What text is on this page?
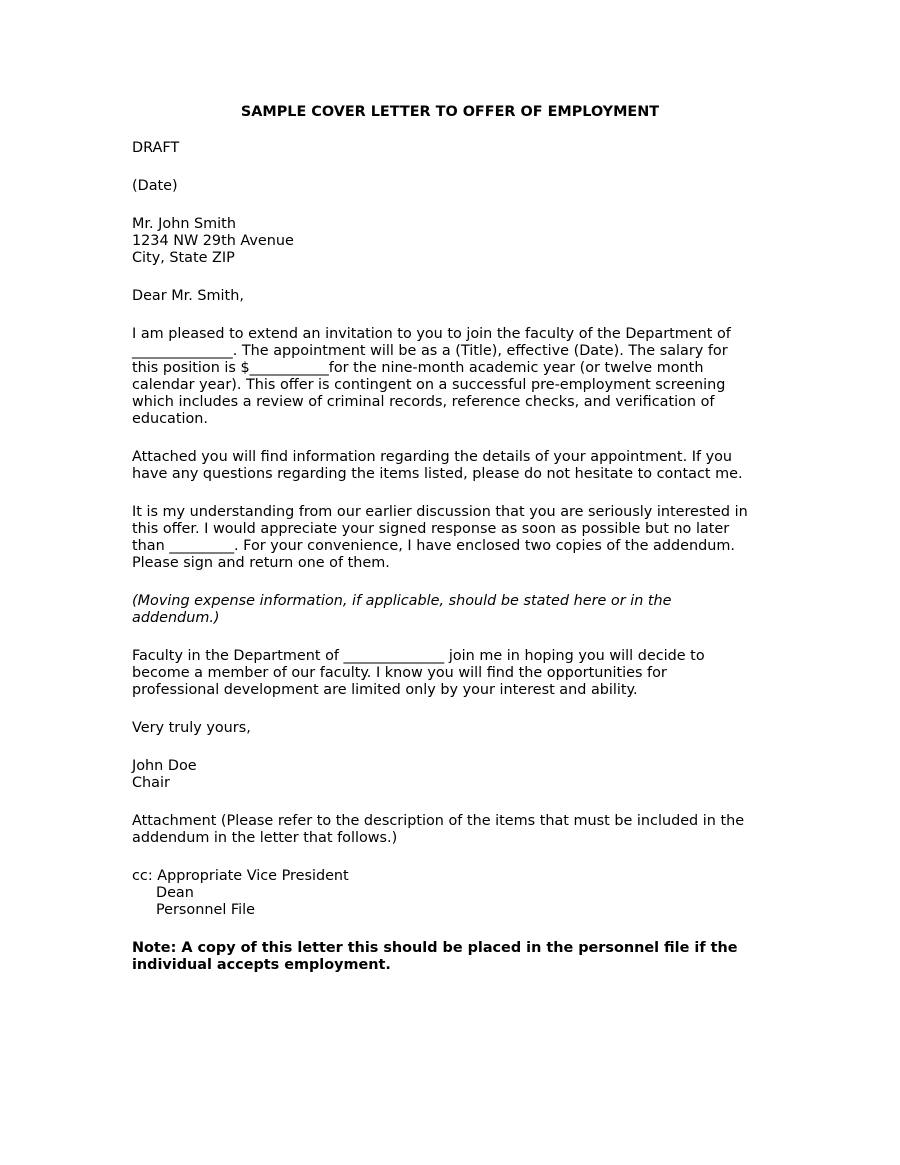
SAMPLE COVER LETTER TO OFFER OF EMPLOYMENT
DRAFT
(Date)
Mr. John Smith
1234 NW 29th Avenue
City, State ZIP
Dear Mr. Smith,
I am pleased to extend an invitation to you to join the faculty of the Department of
______________. The appointment will be as a (Title), effective (Date). The salary for
this position is $___________for the nine-month academic year (or twelve month
calendar year). This offer is contingent on a successful pre-employment screening
which includes a review of criminal records, reference checks, and verification of
education.
Attached you will find information regarding the details of your appointment. If you
have any questions regarding the items listed, please do not hesitate to contact me.
It is my understanding from our earlier discussion that you are seriously interested in
this offer. I would appreciate your signed response as soon as possible but no later
than _________. For your convenience, I have enclosed two copies of the addendum.
Please sign and return one of them.
(Moving expense information, if applicable, should be stated here or in the
addendum.)
Faculty in the Department of ______________ join me in hoping you will decide to
become a member of our faculty. I know you will find the opportunities for
professional development are limited only by your interest and ability.
Very truly yours,
John Doe
Chair
Attachment (Please refer to the description of the items that must be included in the
addendum in the letter that follows.)
cc: Appropriate Vice President
Dean
Personnel File
Note: A copy of this letter this should be placed in the personnel file if the
individual accepts employment.
